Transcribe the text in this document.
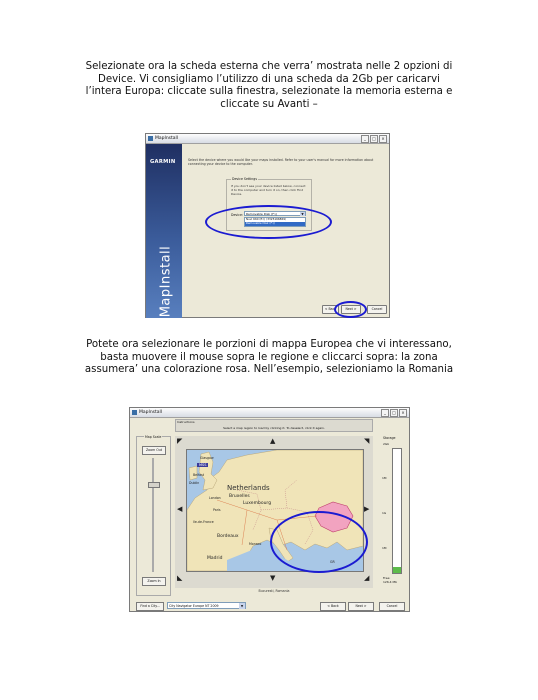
Selezionate ora la scheda esterna che verra’ mostrata nelle 2 opzioni di
Device. Vi consigliamo l’utilizzo di una scheda da 2Gb per caricarvi
l’intera Europa: cliccate sulla finestra, selezionate la memoria esterna e
cliccate su Avanti –
MapInstall	_	□	×
GARMIN
MapInstall
Select the device where you would like your maps installed. Refer to your user's manual for more information about connecting your device to the computer.
Device Settings
If you don't see your device listed below, connect it to the computer and turn it on, then click Find Device.
Device:	Removable Disk (F:\)	▼
Nuvi 660 (E:\) (3325166869)
Removable Disk (F:\)
< Back	Next >	Cancel
Potete ora selezionare le porzioni di mappa Europea che vi interessano,
basta muovere il mouse sopra le regione e cliccarci sopra: la zona
assumera’ una colorazione rosa. Nell’esempio, selezioniamo la Romania
MapInstall	_	□	×
Instructions
Select a map region to load by clicking it. To deselect, click it again.
Map Scale
Zoom Out
Zoom In
◤	▲	◥
◀	▶
◣	▼	◢
Glasgow
MSS
Belfast
Dublin
London
Netherlands
Bruxelles
Luxembourg
Paris
Ile-de-France
Bordeaux
Monaco
Madrid
GR
Bucuresti, Romania
Storage
2Gb
1M
1G
1M
Free:
126.4 Mb
Find a City...	City Navigator Europe NT 2009	▼	< Back	Next >	Cancel
